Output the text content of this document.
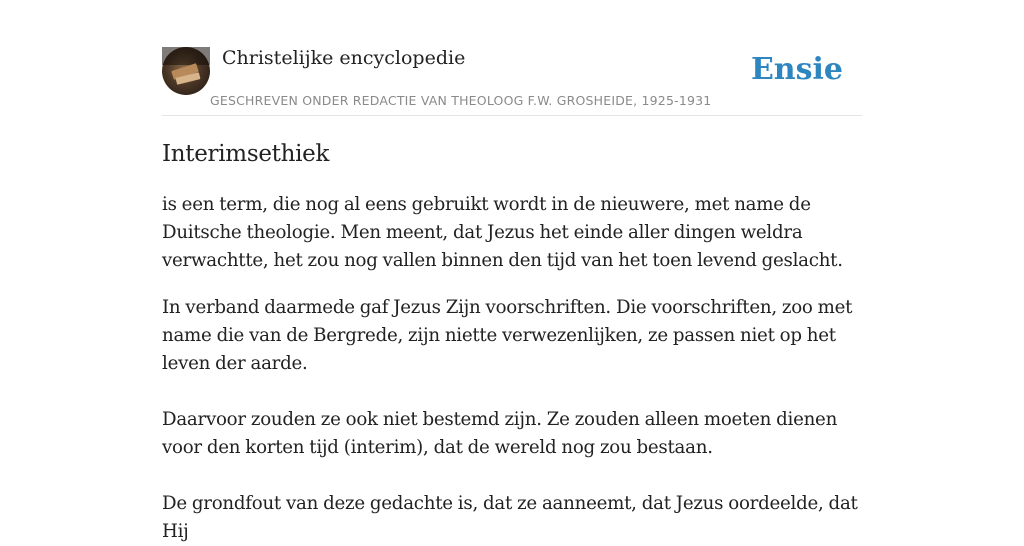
Christelijke encyclopedie
GESCHREVEN ONDER REDACTIE VAN THEOLOOG F.W. GROSHEIDE, 1925-1931
Ensie
Interimsethiek

is een term, die nog al eens gebruikt wordt in de nieuwere, met name de Duitsche theologie. Men meent, dat Jezus het einde aller dingen weldra verwachtte, het zou nog vallen binnen den tijd van het toen levend geslacht.

In verband daarmede gaf Jezus Zijn voorschriften. Die voorschriften, zoo met name die van de Bergrede, zijn niette verwezenlijken, ze passen niet op het leven der aarde.

Daarvoor zouden ze ook niet bestemd zijn. Ze zouden alleen moeten dienen voor den korten tijd (interim), dat de wereld nog zou bestaan.

De grondfout van deze gedachte is, dat ze aanneemt, dat Jezus oordeelde, dat Hij
